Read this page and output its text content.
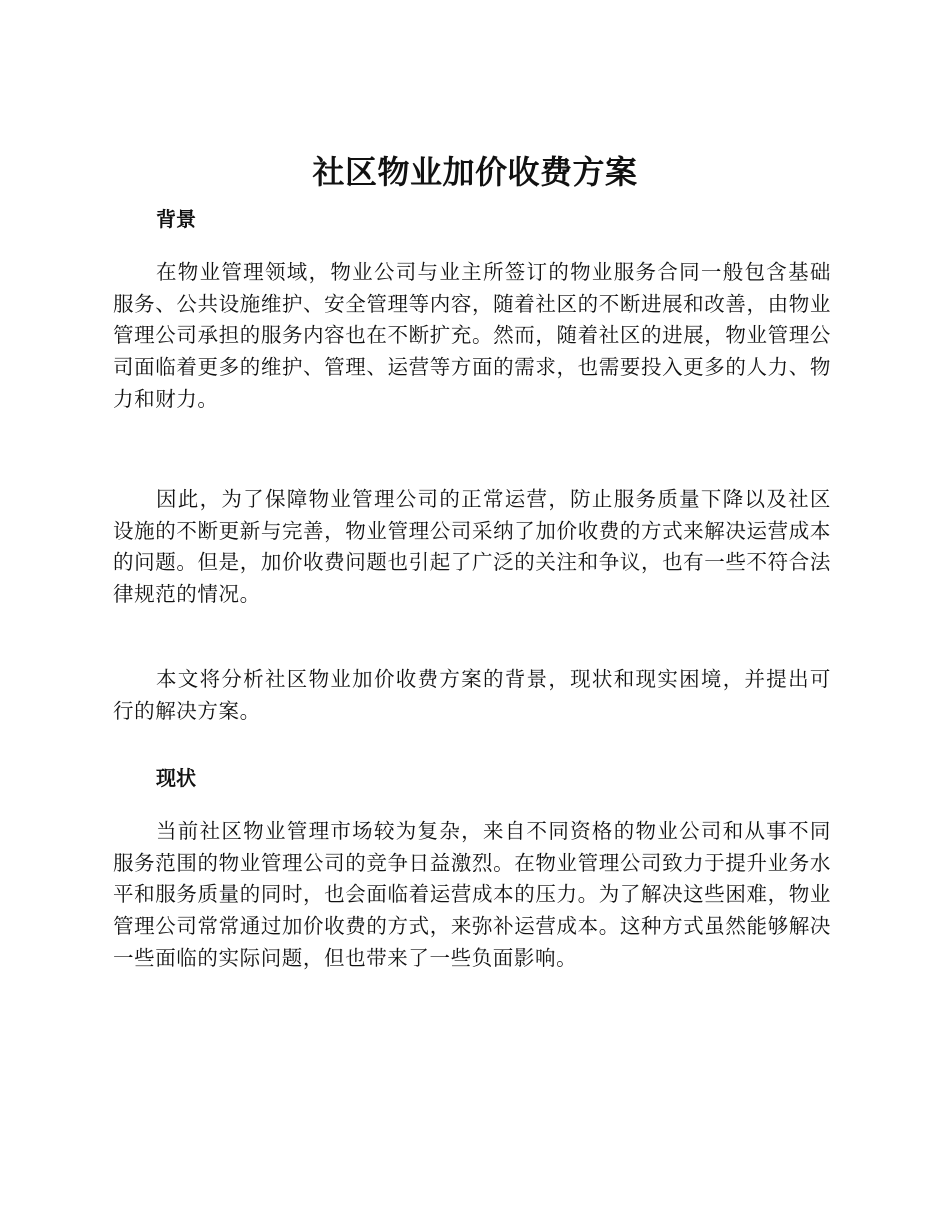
社区物业加价收费方案
背景

在物业管理领域，物业公司与业主所签订的物业服务合同一般包含基础服务、公共设施维护、安全管理等内容，随着社区的不断进展和改善，由物业管理公司承担的服务内容也在不断扩充。然而，随着社区的进展，物业管理公司面临着更多的维护、管理、运营等方面的需求，也需要投入更多的人力、物力和财力。

因此，为了保障物业管理公司的正常运营，防止服务质量下降以及社区设施的不断更新与完善，物业管理公司采纳了加价收费的方式来解决运营成本的问题。但是，加价收费问题也引起了广泛的关注和争议，也有一些不符合法律规范的情况。

本文将分析社区物业加价收费方案的背景，现状和现实困境，并提出可行的解决方案。

现状

当前社区物业管理市场较为复杂，来自不同资格的物业公司和从事不同服务范围的物业管理公司的竞争日益激烈。在物业管理公司致力于提升业务水平和服务质量的同时，也会面临着运营成本的压力。为了解决这些困难，物业管理公司常常通过加价收费的方式，来弥补运营成本。这种方式虽然能够解决一些面临的实际问题，但也带来了一些负面影响。
